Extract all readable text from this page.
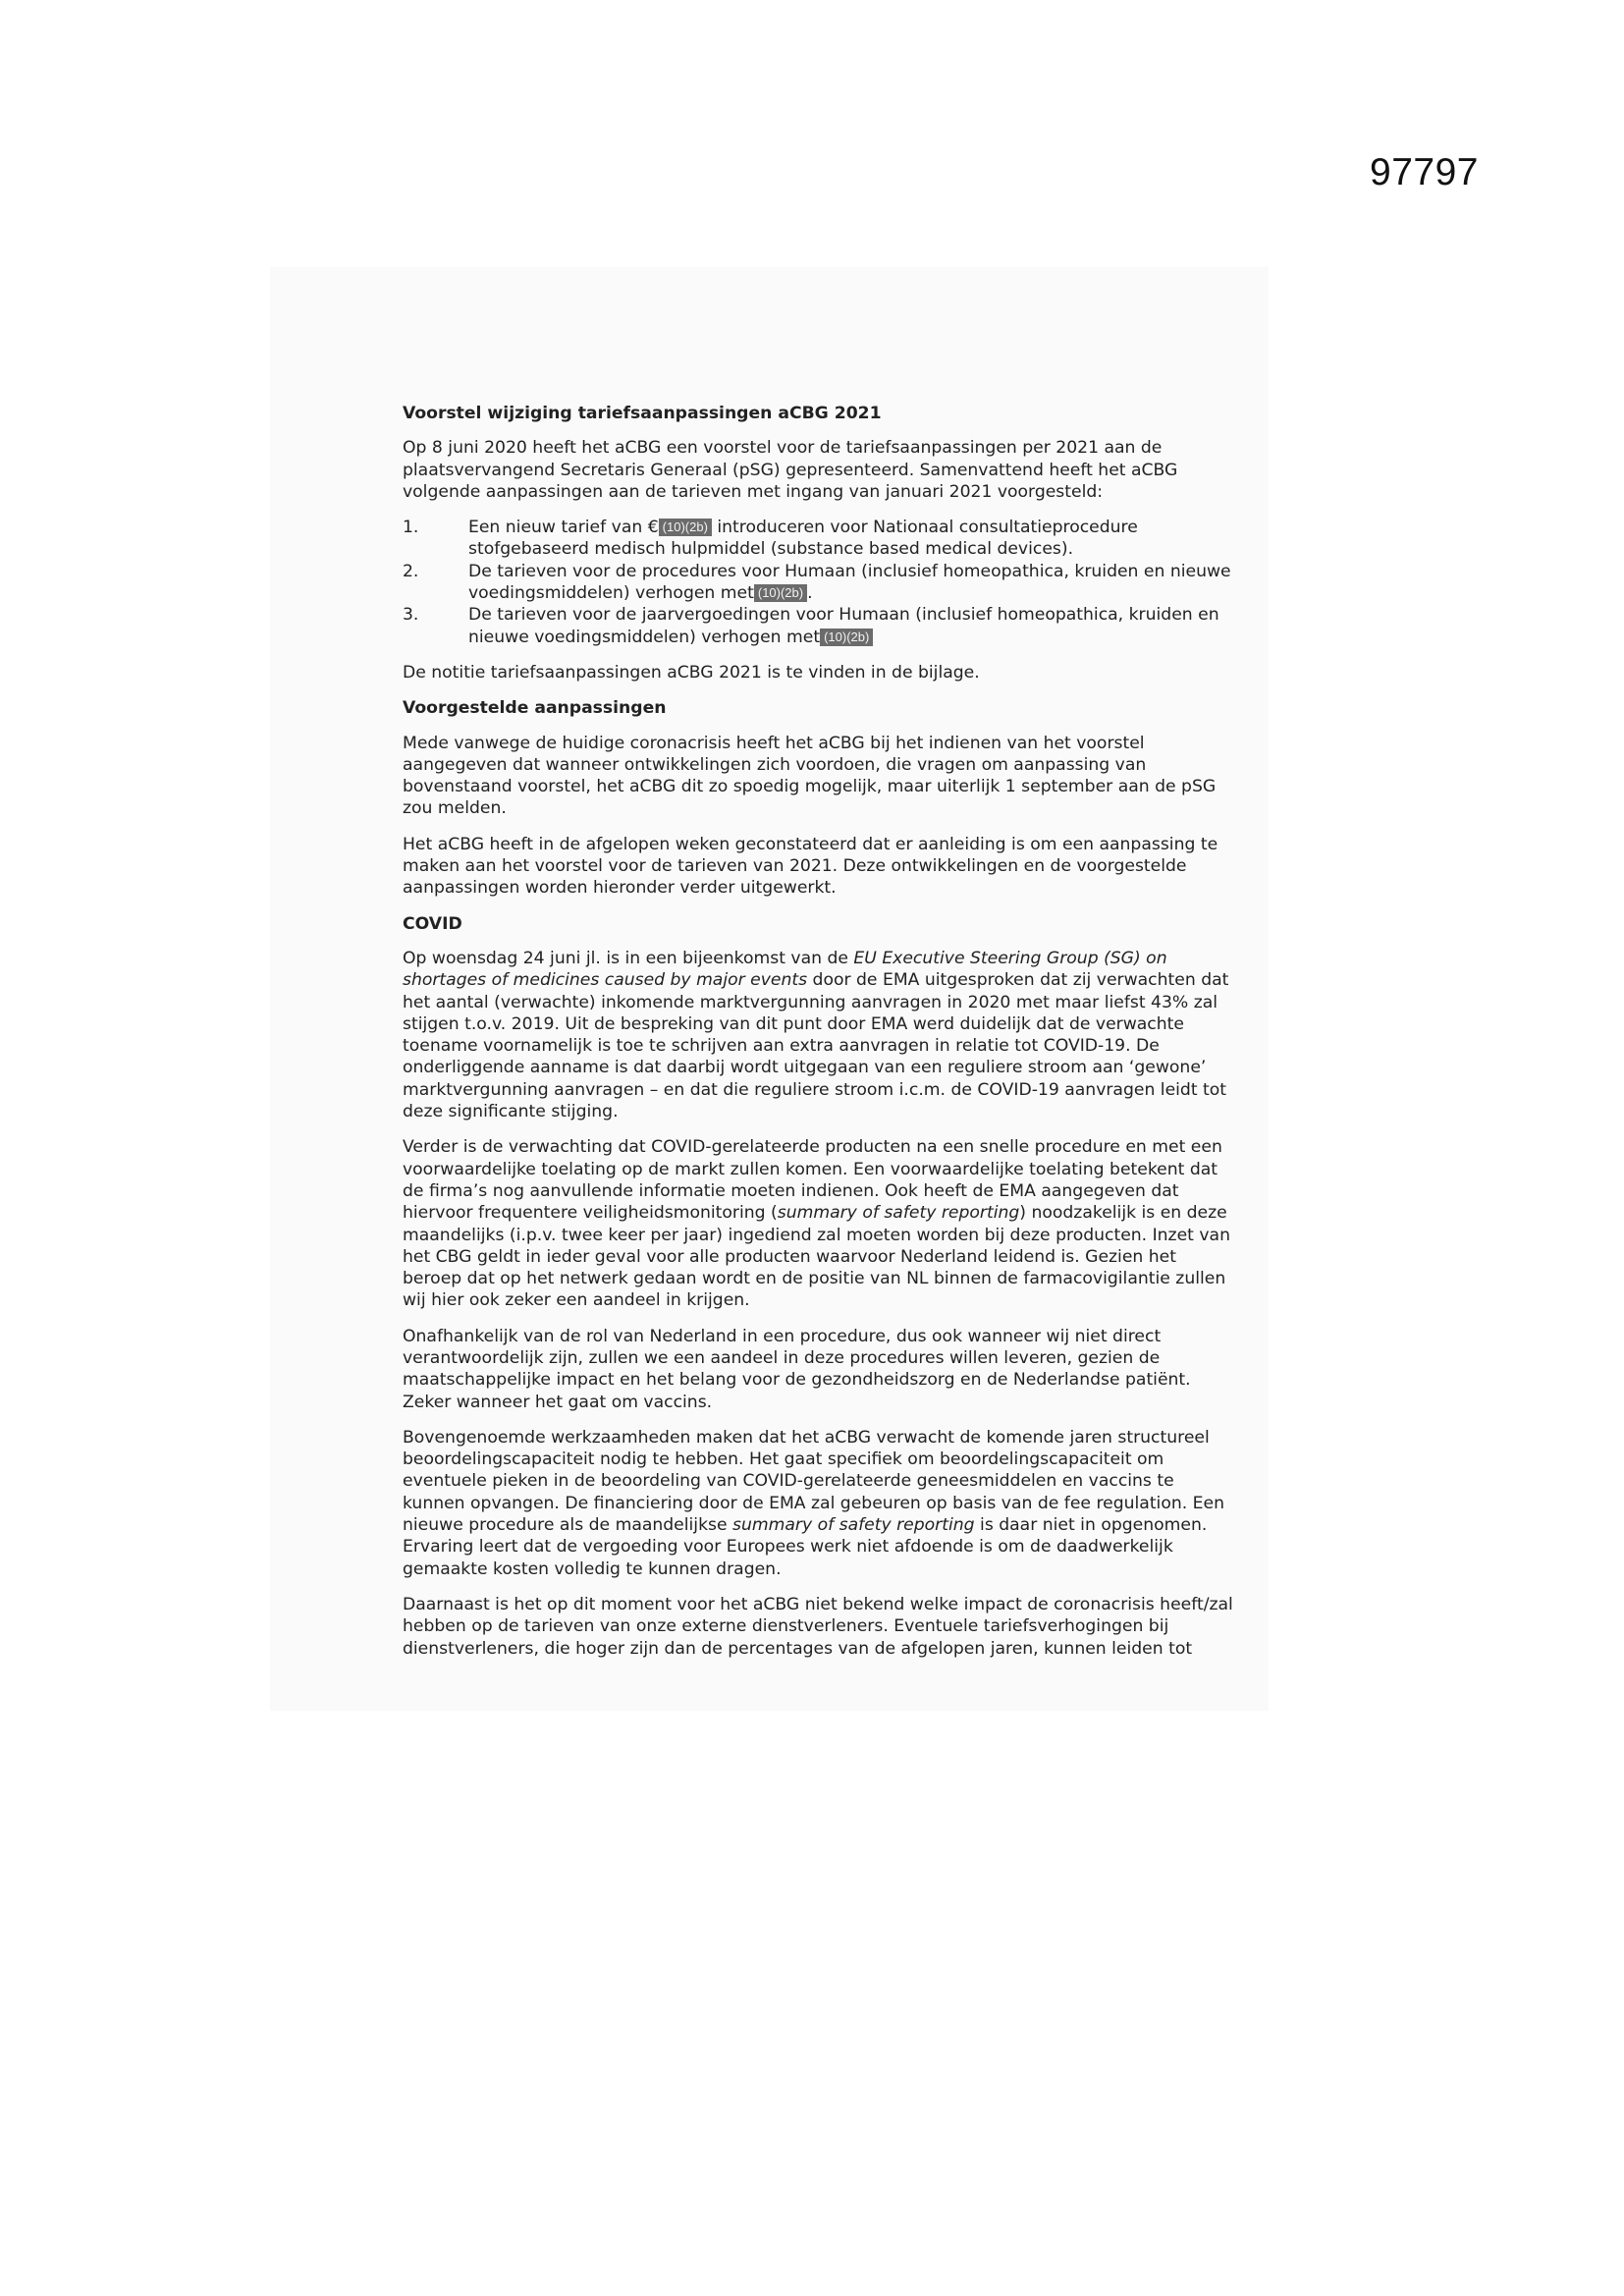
97797
Voorstel wijziging tariefsaanpassingen aCBG 2021

Op 8 juni 2020 heeft het aCBG een voorstel voor de tariefsaanpassingen per 2021 aan de plaatsvervangend Secretaris Generaal (pSG) gepresenteerd. Samenvattend heeft het aCBG volgende aanpassingen aan de tarieven met ingang van januari 2021 voorgesteld:

1.	Een nieuw tarief van € (10)(2b) introduceren voor Nationaal consultatieprocedure stofgebaseerd medisch hulpmiddel (substance based medical devices).
2.	De tarieven voor de procedures voor Humaan (inclusief homeopathica, kruiden en nieuwe voedingsmiddelen) verhogen met (10)(2b) .
3.	De tarieven voor de jaarvergoedingen voor Humaan (inclusief homeopathica, kruiden en nieuwe voedingsmiddelen) verhogen met (10)(2b)

De notitie tariefsaanpassingen aCBG 2021 is te vinden in de bijlage.

Voorgestelde aanpassingen

Mede vanwege de huidige coronacrisis heeft het aCBG bij het indienen van het voorstel aangegeven dat wanneer ontwikkelingen zich voordoen, die vragen om aanpassing van bovenstaand voorstel, het aCBG dit zo spoedig mogelijk, maar uiterlijk 1 september aan de pSG zou melden.

Het aCBG heeft in de afgelopen weken geconstateerd dat er aanleiding is om een aanpassing te maken aan het voorstel voor de tarieven van 2021. Deze ontwikkelingen en de voorgestelde aanpassingen worden hieronder verder uitgewerkt.

COVID

Op woensdag 24 juni jl. is in een bijeenkomst van de EU Executive Steering Group (SG) on shortages of medicines caused by major events door de EMA uitgesproken dat zij verwachten dat het aantal (verwachte) inkomende marktvergunning aanvragen in 2020 met maar liefst 43% zal stijgen t.o.v. 2019. Uit de bespreking van dit punt door EMA werd duidelijk dat de verwachte toename voornamelijk is toe te schrijven aan extra aanvragen in relatie tot COVID-19. De onderliggende aanname is dat daarbij wordt uitgegaan van een reguliere stroom aan ‘gewone’ marktvergunning aanvragen – en dat die reguliere stroom i.c.m. de COVID-19 aanvragen leidt tot deze significante stijging.

Verder is de verwachting dat COVID-gerelateerde producten na een snelle procedure en met een voorwaardelijke toelating op de markt zullen komen. Een voorwaardelijke toelating betekent dat de firma’s nog aanvullende informatie moeten indienen. Ook heeft de EMA aangegeven dat hiervoor frequentere veiligheidsmonitoring (summary of safety reporting) noodzakelijk is en deze maandelijks (i.p.v. twee keer per jaar) ingediend zal moeten worden bij deze producten. Inzet van het CBG geldt in ieder geval voor alle producten waarvoor Nederland leidend is. Gezien het beroep dat op het netwerk gedaan wordt en de positie van NL binnen de farmacovigilantie zullen wij hier ook zeker een aandeel in krijgen.

Onafhankelijk van de rol van Nederland in een procedure, dus ook wanneer wij niet direct verantwoordelijk zijn, zullen we een aandeel in deze procedures willen leveren, gezien de maatschappelijke impact en het belang voor de gezondheidszorg en de Nederlandse patiënt. Zeker wanneer het gaat om vaccins.

Bovengenoemde werkzaamheden maken dat het aCBG verwacht de komende jaren structureel beoordelingscapaciteit nodig te hebben. Het gaat specifiek om beoordelingscapaciteit om eventuele pieken in de beoordeling van COVID-gerelateerde geneesmiddelen en vaccins te kunnen opvangen. De financiering door de EMA zal gebeuren op basis van de fee regulation. Een nieuwe procedure als de maandelijkse summary of safety reporting is daar niet in opgenomen. Ervaring leert dat de vergoeding voor Europees werk niet afdoende is om de daadwerkelijk gemaakte kosten volledig te kunnen dragen.

Daarnaast is het op dit moment voor het aCBG niet bekend welke impact de coronacrisis heeft/zal hebben op de tarieven van onze externe dienstverleners. Eventuele tariefsverhogingen bij dienstverleners, die hoger zijn dan de percentages van de afgelopen jaren, kunnen leiden tot
